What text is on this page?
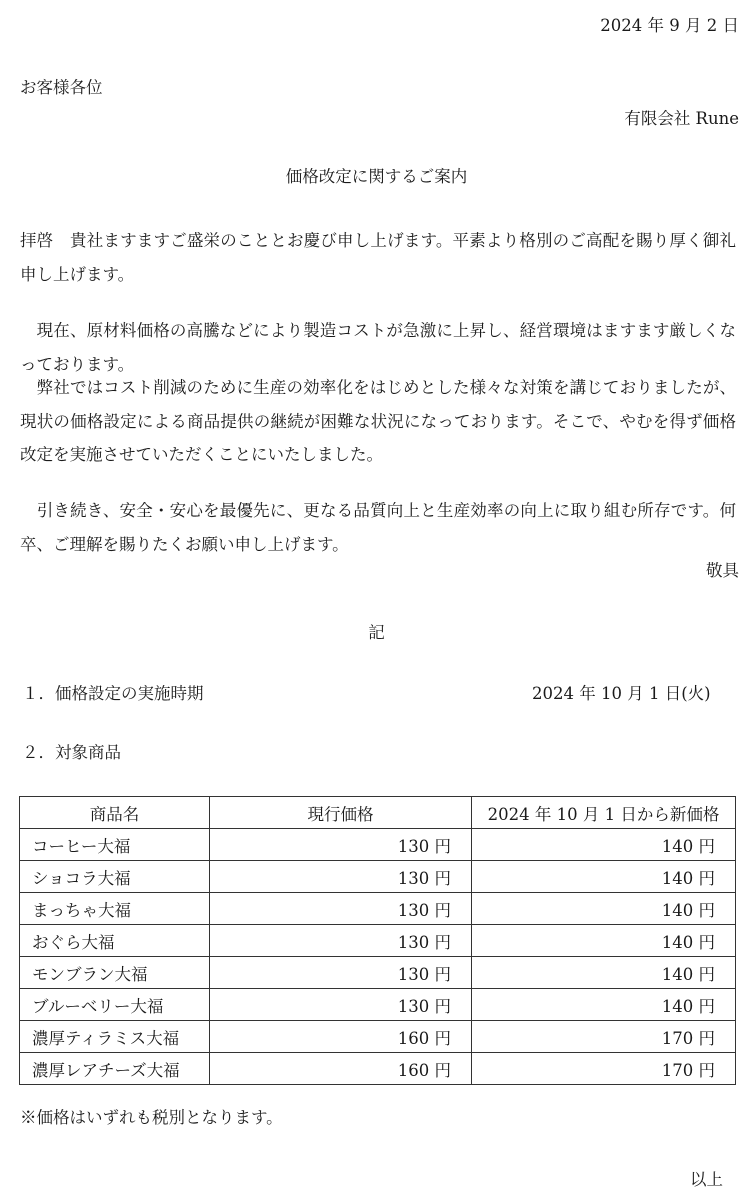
2024 年 9 月 2 日
お客様各位
有限会社 Rune
価格改定に関するご案内
拝啓　貴社ますますご盛栄のこととお慶び申し上げます。平素より格別のご高配を賜り厚く御礼申し上げます。
　現在、原材料価格の高騰などにより製造コストが急激に上昇し、経営環境はますます厳しくなっております。
　弊社ではコスト削減のために生産の効率化をはじめとした様々な対策を講じておりましたが、現状の価格設定による商品提供の継続が困難な状況になっております。そこで、やむを得ず価格改定を実施させていただくことにいたしました。
　引き続き、安全・安心を最優先に、更なる品質向上と生産効率の向上に取り組む所存です。何卒、ご理解を賜りたくお願い申し上げます。
敬具
記
１．価格設定の実施時期	2024 年 10 月 1 日(火)
２．対象商品
商品名	現行価格	2024 年 10 月 1 日から新価格
コーヒー大福	130 円	140 円
ショコラ大福	130 円	140 円
まっちゃ大福	130 円	140 円
おぐら大福	130 円	140 円
モンブラン大福	130 円	140 円
ブルーベリー大福	130 円	140 円
濃厚ティラミス大福	160 円	170 円
濃厚レアチーズ大福	160 円	170 円
※価格はいずれも税別となります。
以上
